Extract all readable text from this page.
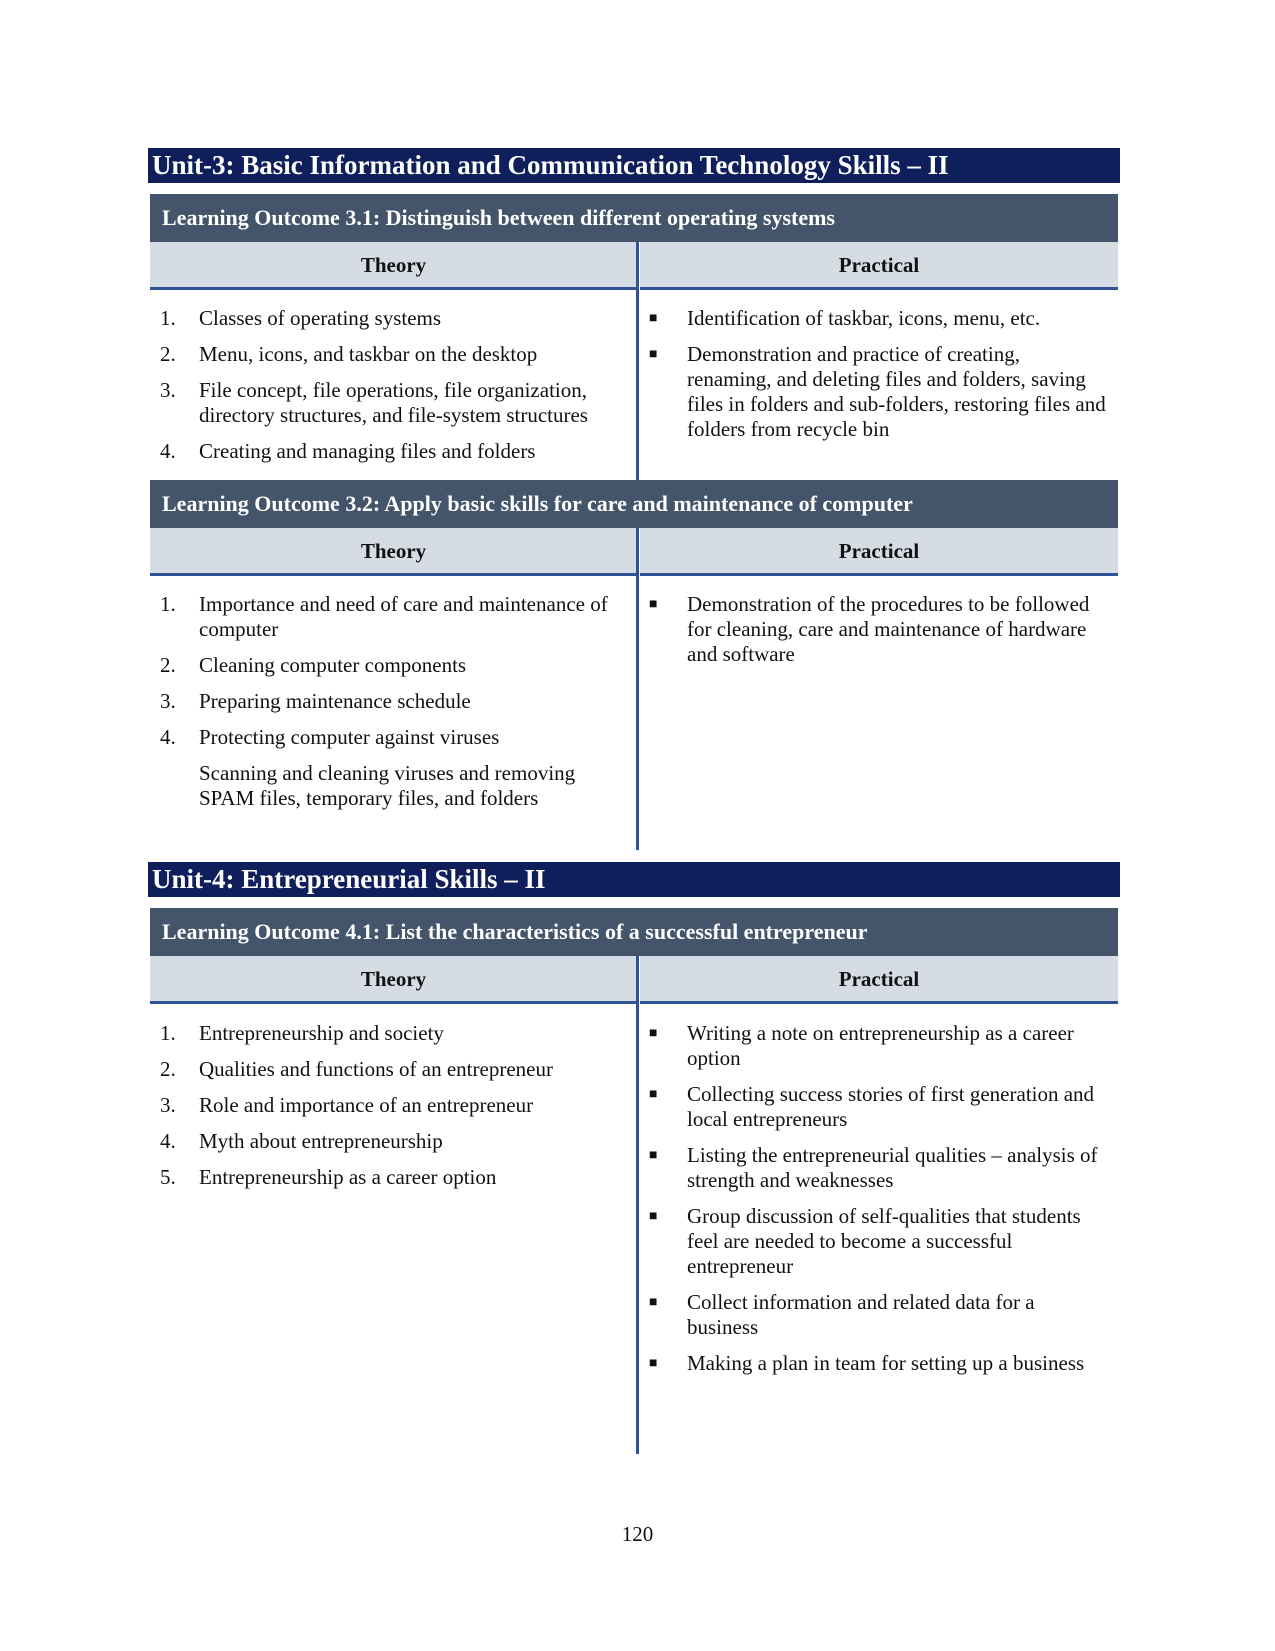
Unit-3: Basic Information and Communication Technology Skills – II
Learning Outcome 3.1: Distinguish between different operating systems
Theory	Practical
1.	Classes of operating systems
2.	Menu, icons, and taskbar on the desktop
3.	File concept, file operations, file organization, directory structures, and file-system structures
4.	Creating and managing files and folders
■	Identification of taskbar, icons, menu, etc.
■	Demonstration and practice of creating, renaming, and deleting files and folders, saving files in folders and sub-folders, restoring files and folders from recycle bin
Learning Outcome 3.2: Apply basic skills for care and maintenance of computer
Theory	Practical
1.	Importance and need of care and maintenance of computer
2.	Cleaning computer components
3.	Preparing maintenance schedule
4.	Protecting computer against viruses
Scanning and cleaning viruses and removing SPAM files, temporary files, and folders
■	Demonstration of the procedures to be followed for cleaning, care and maintenance of hardware and software
Unit-4: Entrepreneurial Skills – II
Learning Outcome 4.1: List the characteristics of a successful entrepreneur
Theory	Practical
1.	Entrepreneurship and society
2.	Qualities and functions of an entrepreneur
3.	Role and importance of an entrepreneur
4.	Myth about entrepreneurship
5.	Entrepreneurship as a career option
■	Writing a note on entrepreneurship as a career option
■	Collecting success stories of first generation and local entrepreneurs
■	Listing the entrepreneurial qualities – analysis of strength and weaknesses
■	Group discussion of self-qualities that students feel are needed to become a successful entrepreneur
■	Collect information and related data for a business
■	Making a plan in team for setting up a business
120
